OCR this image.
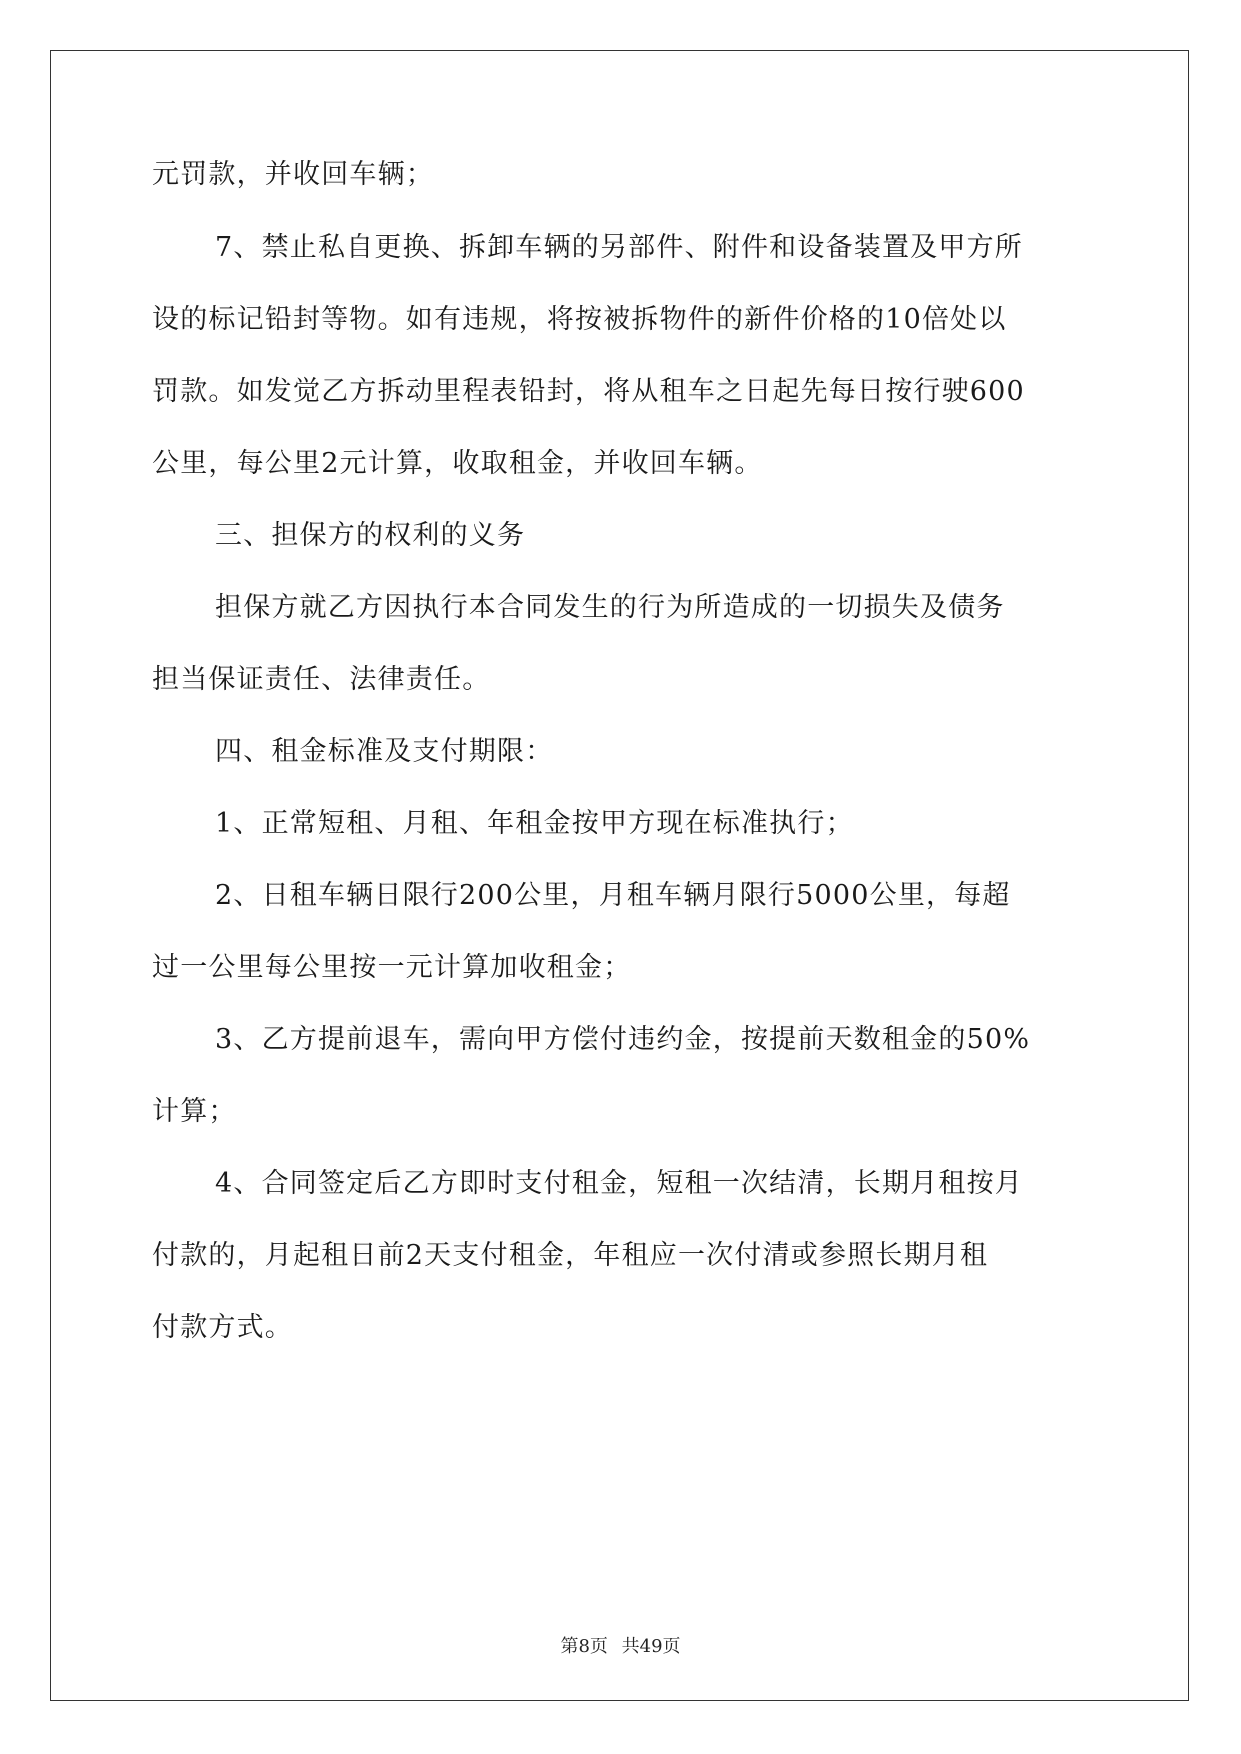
元罚款，并收回车辆；
7、禁止私自更换、拆卸车辆的另部件、附件和设备装置及甲方所
设的标记铅封等物。如有违规，将按被拆物件的新件价格的10倍处以
罚款。如发觉乙方拆动里程表铅封，将从租车之日起先每日按行驶600
公里，每公里2元计算，收取租金，并收回车辆。
三、担保方的权利的义务
担保方就乙方因执行本合同发生的行为所造成的一切损失及债务
担当保证责任、法律责任。
四、租金标准及支付期限：
1、正常短租、月租、年租金按甲方现在标准执行；
2、日租车辆日限行200公里，月租车辆月限行5000公里，每超
过一公里每公里按一元计算加收租金；
3、乙方提前退车，需向甲方偿付违约金，按提前天数租金的50%
计算；
4、合同签定后乙方即时支付租金，短租一次结清，长期月租按月
付款的，月起租日前2天支付租金，年租应一次付清或参照长期月租
付款方式。
第8页 共49页
